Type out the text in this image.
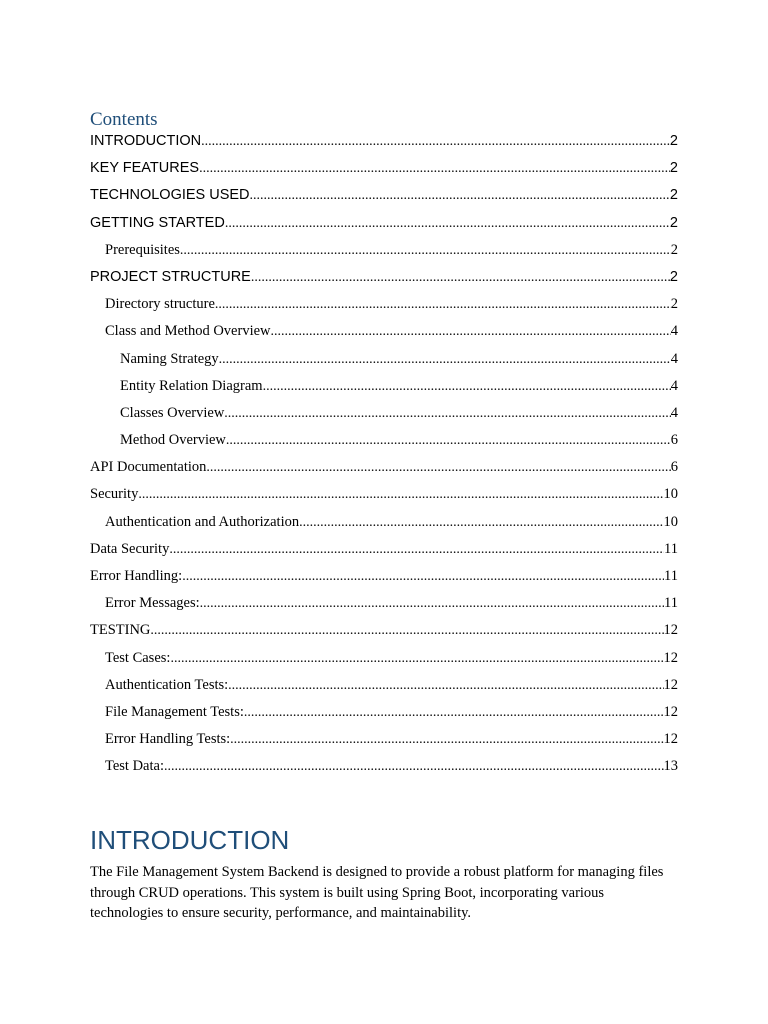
Contents
INTRODUCTION .....	2
KEY FEATURES .....	2
TECHNOLOGIES USED .....	2
GETTING STARTED .....	2
Prerequisites .....	2
PROJECT STRUCTURE .....	2
Directory structure .....	2
Class and Method Overview .....	4
Naming Strategy .....	4
Entity Relation Diagram .....	4
Classes Overview .....	4
Method Overview .....	6
API Documentation .....	6
Security .....	10
Authentication and Authorization .....	10
Data Security .....	11
Error Handling: .....	11
Error Messages: .....	11
TESTING .....	12
Test Cases: .....	12
Authentication Tests: .....	12
File Management Tests: .....	12
Error Handling Tests: .....	12
Test Data: .....	13
INTRODUCTION

The File Management System Backend is designed to provide a robust platform for managing files through CRUD operations. This system is built using Spring Boot, incorporating various technologies to ensure security, performance, and maintainability.
